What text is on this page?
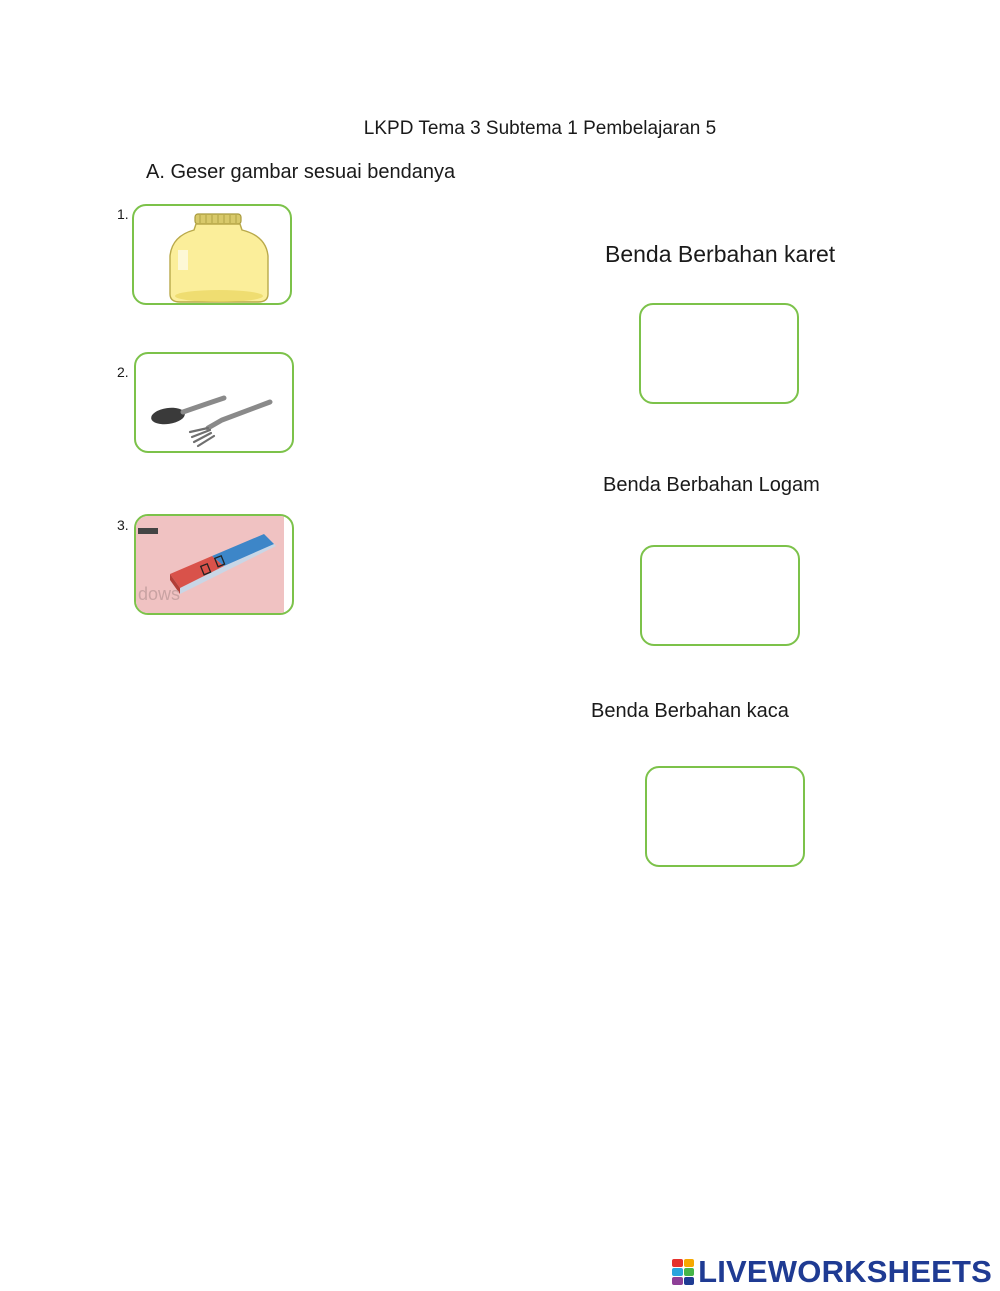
LKPD Tema 3 Subtema 1 Pembelajaran 5
A. Geser gambar sesuai bendanya
1.
2.
3.
dows
Benda Berbahan karet
Benda Berbahan Logam
Benda Berbahan kaca
LIVEWORKSHEETS
